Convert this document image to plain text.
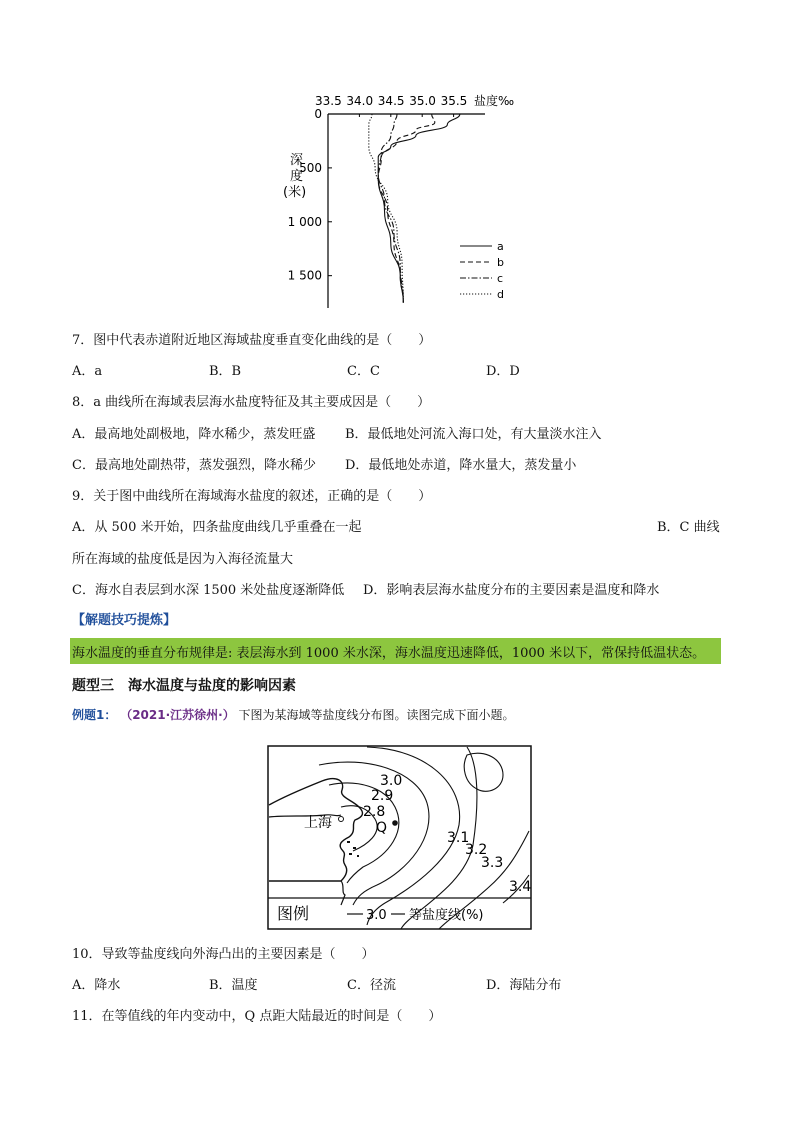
33.5 34.0 34.5 35.0 35.5 盐度‰
0
500
1 000
1 500
深
度
(米)
a
b
c
d
7．图中代表赤道附近地区海域盐度垂直变化曲线的是（　　）
A．a	B．B	C．C	D．D
8．a 曲线所在海域表层海水盐度特征及其主要成因是（　　）
A．最高地处副极地，降水稀少，蒸发旺盛 B．最低地处河流入海口处，有大量淡水注入
C．最高地处副热带，蒸发强烈，降水稀少 D．最低地处赤道，降水量大，蒸发量小
9．关于图中曲线所在海域海水盐度的叙述，正确的是（　　）
A．从 500 米开始，四条盐度曲线几乎重叠在一起	B．C 曲线
所在海域的盐度低是因为入海径流量大
C．海水自表层到水深 1500 米处盐度逐渐降低 D．影响表层海水盐度分布的主要因素是温度和降水
【解题技巧提炼】
海水温度的垂直分布规律是: 表层海水到 1000 米水深，海水温度迅速降低，1000 米以下，常保持低温状态。
题型三　海水温度与盐度的影响因素
例题1： （2021·江苏徐州·） 下图为某海域等盐度线分布图。读图完成下面小题。
3.0
2.9
2.8
3.1
3.2
3.3
3.4
上海	Q
图例	3.0 等盐度线(%)
10．导致等盐度线向外海凸出的主要因素是（　　）
A．降水	B．温度	C．径流	D．海陆分布
11．在等值线的年内变动中，Q 点距大陆最近的时间是（　　）
